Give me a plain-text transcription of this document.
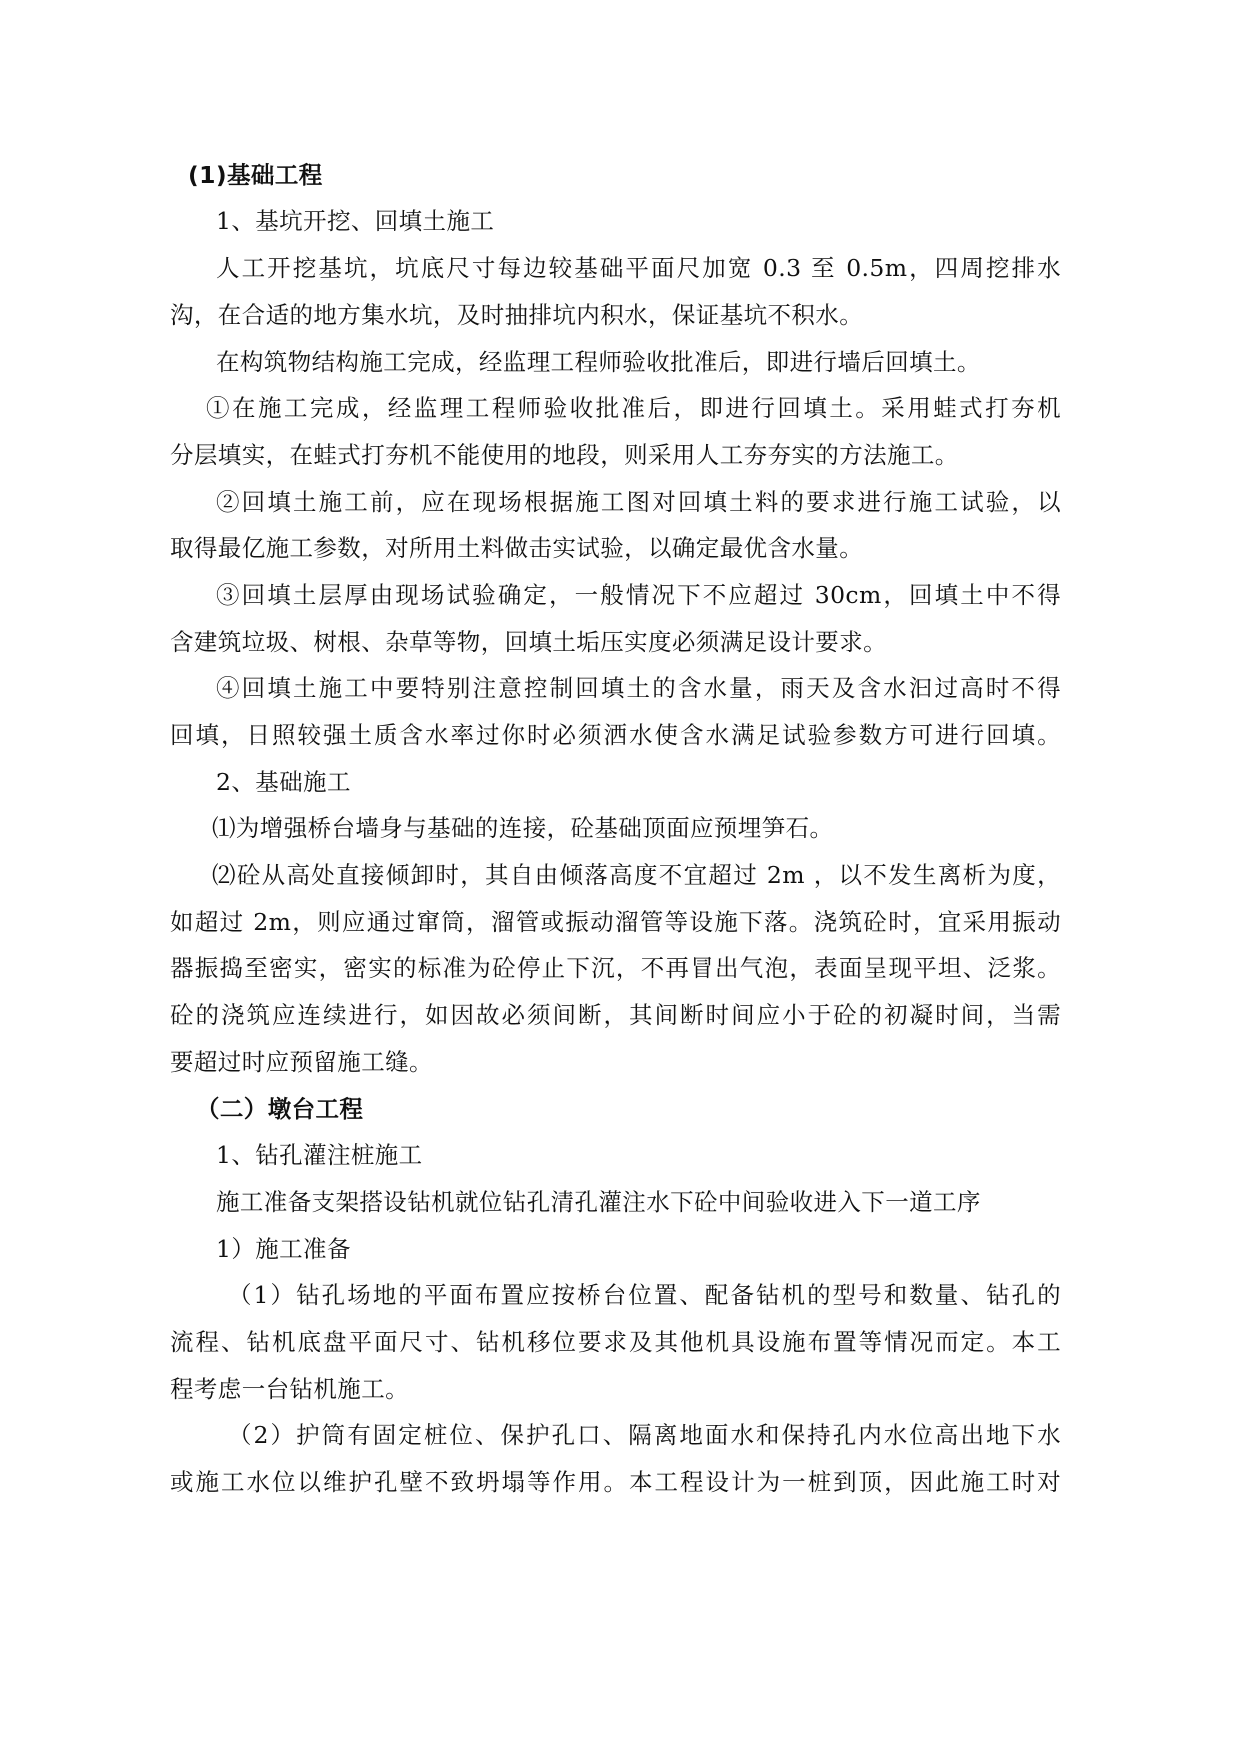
(1)基础工程
1、基坑开挖、回填土施工
人工开挖基坑，坑底尺寸每边较基础平面尺加宽 0.3 至 0.5m，四周挖排水
沟，在合适的地方集水坑，及时抽排坑内积水，保证基坑不积水。
在构筑物结构施工完成，经监理工程师验收批准后，即进行墙后回填土。
①在施工完成，经监理工程师验收批准后，即进行回填土。采用蛙式打夯机
分层填实，在蛙式打夯机不能使用的地段，则采用人工夯夯实的方法施工。
②回填土施工前，应在现场根据施工图对回填土料的要求进行施工试验，以
取得最亿施工参数，对所用土料做击实试验，以确定最优含水量。
③回填土层厚由现场试验确定，一般情况下不应超过 30cm，回填土中不得
含建筑垃圾、树根、杂草等物，回填土垢压实度必须满足设计要求。
④回填土施工中要特别注意控制回填土的含水量，雨天及含水汩过高时不得
回填，日照较强土质含水率过你时必须洒水使含水满足试验参数方可进行回填。
2、基础施工
⑴为增强桥台墙身与基础的连接，砼基础顶面应预埋笋石。
⑵砼从高处直接倾卸时，其自由倾落高度不宜超过 2m ，以不发生离析为度，
如超过 2m，则应通过窜筒，溜管或振动溜管等设施下落。浇筑砼时，宜采用振动
器振捣至密实，密实的标准为砼停止下沉，不再冒出气泡，表面呈现平坦、泛浆。
砼的浇筑应连续进行，如因故必须间断，其间断时间应小于砼的初凝时间，当需
要超过时应预留施工缝。
（二）墩台工程
1、钻孔灌注桩施工
施工准备支架搭设钻机就位钻孔清孔灌注水下砼中间验收进入下一道工序
1）施工准备
（1）钻孔场地的平面布置应按桥台位置、配备钻机的型号和数量、钻孔的
流程、钻机底盘平面尺寸、钻机移位要求及其他机具设施布置等情况而定。本工
程考虑一台钻机施工。
（2）护筒有固定桩位、保护孔口、隔离地面水和保持孔内水位高出地下水
或施工水位以维护孔壁不致坍塌等作用。本工程设计为一桩到顶，因此施工时对
